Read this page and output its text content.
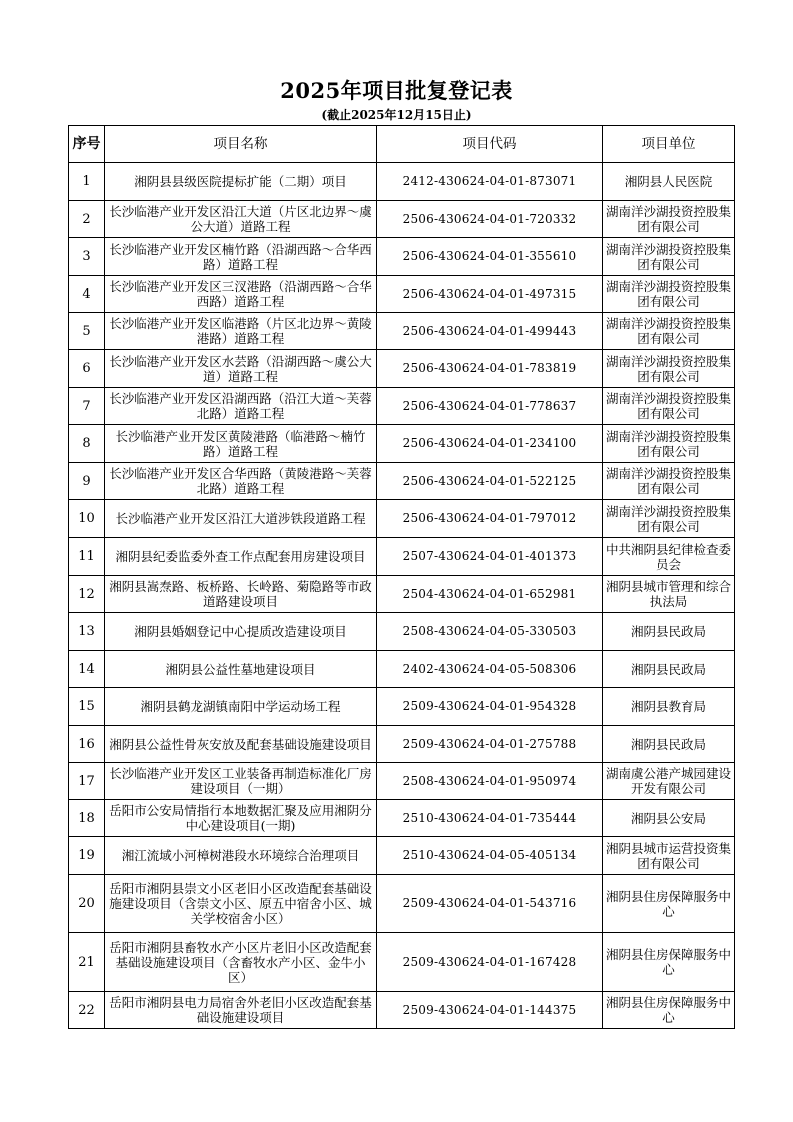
2025年项目批复登记表
(截止2025年12月15日止)
序号	项目名称	项目代码	项目单位
1	湘阴县县级医院提标扩能（二期）项目	2412-430624-04-01-873071	湘阴县人民医院
2	长沙临港产业开发区沿江大道（片区北边界～虞公大道）道路工程	2506-430624-04-01-720332	湖南洋沙湖投资控股集团有限公司
3	长沙临港产业开发区楠竹路（沿湖西路～合华西路）道路工程	2506-430624-04-01-355610	湖南洋沙湖投资控股集团有限公司
4	长沙临港产业开发区三汊港路（沿湖西路～合华西路）道路工程	2506-430624-04-01-497315	湖南洋沙湖投资控股集团有限公司
5	长沙临港产业开发区临港路（片区北边界～黄陵港路）道路工程	2506-430624-04-01-499443	湖南洋沙湖投资控股集团有限公司
6	长沙临港产业开发区水芸路（沿湖西路～虞公大道）道路工程	2506-430624-04-01-783819	湖南洋沙湖投资控股集团有限公司
7	长沙临港产业开发区沿湖西路（沿江大道～芙蓉北路）道路工程	2506-430624-04-01-778637	湖南洋沙湖投资控股集团有限公司
8	长沙临港产业开发区黄陵港路（临港路～楠竹路）道路工程	2506-430624-04-01-234100	湖南洋沙湖投资控股集团有限公司
9	长沙临港产业开发区合华西路（黄陵港路～芙蓉北路）道路工程	2506-430624-04-01-522125	湖南洋沙湖投资控股集团有限公司
10	长沙临港产业开发区沿江大道涉铁段道路工程	2506-430624-04-01-797012	湖南洋沙湖投资控股集团有限公司
11	湘阴县纪委监委外查工作点配套用房建设项目	2507-430624-04-01-401373	中共湘阴县纪律检查委员会
12	湘阴县嵩焘路、板桥路、长岭路、菊隐路等市政道路建设项目	2504-430624-04-01-652981	湘阴县城市管理和综合执法局
13	湘阴县婚姻登记中心提质改造建设项目	2508-430624-04-05-330503	湘阴县民政局
14	湘阴县公益性墓地建设项目	2402-430624-04-05-508306	湘阴县民政局
15	湘阴县鹤龙湖镇南阳中学运动场工程	2509-430624-04-01-954328	湘阴县教育局
16	湘阴县公益性骨灰安放及配套基础设施建设项目	2509-430624-04-01-275788	湘阴县民政局
17	长沙临港产业开发区工业装备再制造标准化厂房建设项目（一期）	2508-430624-04-01-950974	湖南虞公港产城园建设开发有限公司
18	岳阳市公安局情指行本地数据汇聚及应用湘阴分中心建设项目(一期)	2510-430624-04-01-735444	湘阴县公安局
19	湘江流域小河樟树港段水环境综合治理项目	2510-430624-04-05-405134	湘阴县城市运营投资集团有限公司
20	岳阳市湘阴县崇文小区老旧小区改造配套基础设施建设项目（含崇文小区、原五中宿舍小区、城关学校宿舍小区）	2509-430624-04-01-543716	湘阴县住房保障服务中心
21	岳阳市湘阴县畜牧水产小区片老旧小区改造配套基础设施建设项目（含畜牧水产小区、金牛小区）	2509-430624-04-01-167428	湘阴县住房保障服务中心
22	岳阳市湘阴县电力局宿舍外老旧小区改造配套基础设施建设项目	2509-430624-04-01-144375	湘阴县住房保障服务中心
